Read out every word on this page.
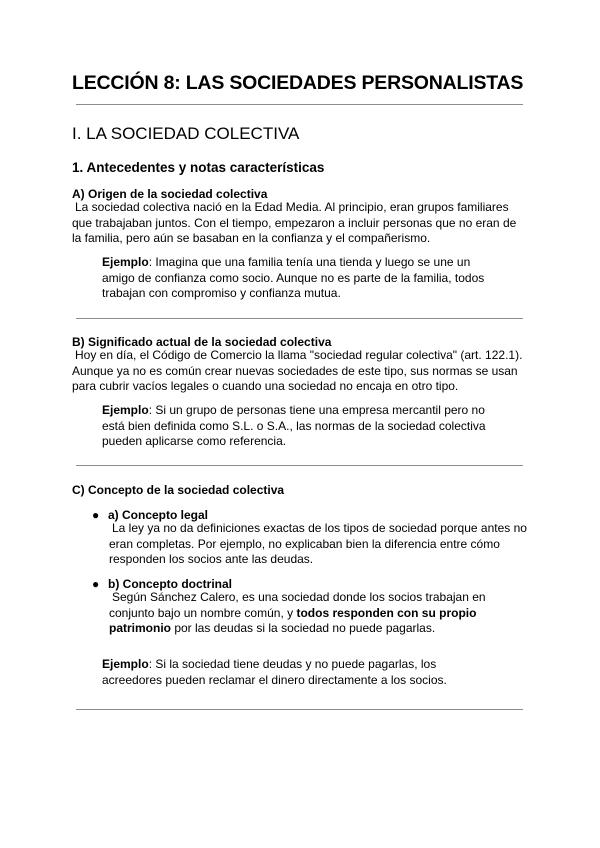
LECCIÓN 8: LAS SOCIEDADES PERSONALISTAS
I. LA SOCIEDAD COLECTIVA
1. Antecedentes y notas características
A) Origen de la sociedad colectiva
La sociedad colectiva nació en la Edad Media. Al principio, eran grupos familiares que trabajaban juntos. Con el tiempo, empezaron a incluir personas que no eran de la familia, pero aún se basaban en la confianza y el compañerismo.
Ejemplo: Imagina que una familia tenía una tienda y luego se une un amigo de confianza como socio. Aunque no es parte de la familia, todos trabajan con compromiso y confianza mutua.
B) Significado actual de la sociedad colectiva
Hoy en día, el Código de Comercio la llama "sociedad regular colectiva" (art. 122.1). Aunque ya no es común crear nuevas sociedades de este tipo, sus normas se usan para cubrir vacíos legales o cuando una sociedad no encaja en otro tipo.
Ejemplo: Si un grupo de personas tiene una empresa mercantil pero no está bien definida como S.L. o S.A., las normas de la sociedad colectiva pueden aplicarse como referencia.
C) Concepto de la sociedad colectiva
● a) Concepto legal
La ley ya no da definiciones exactas de los tipos de sociedad porque antes no eran completas. Por ejemplo, no explicaban bien la diferencia entre cómo responden los socios ante las deudas.
● b) Concepto doctrinal
Según Sánchez Calero, es una sociedad donde los socios trabajan en conjunto bajo un nombre común, y todos responden con su propio patrimonio por las deudas si la sociedad no puede pagarlas.
Ejemplo: Si la sociedad tiene deudas y no puede pagarlas, los acreedores pueden reclamar el dinero directamente a los socios.
